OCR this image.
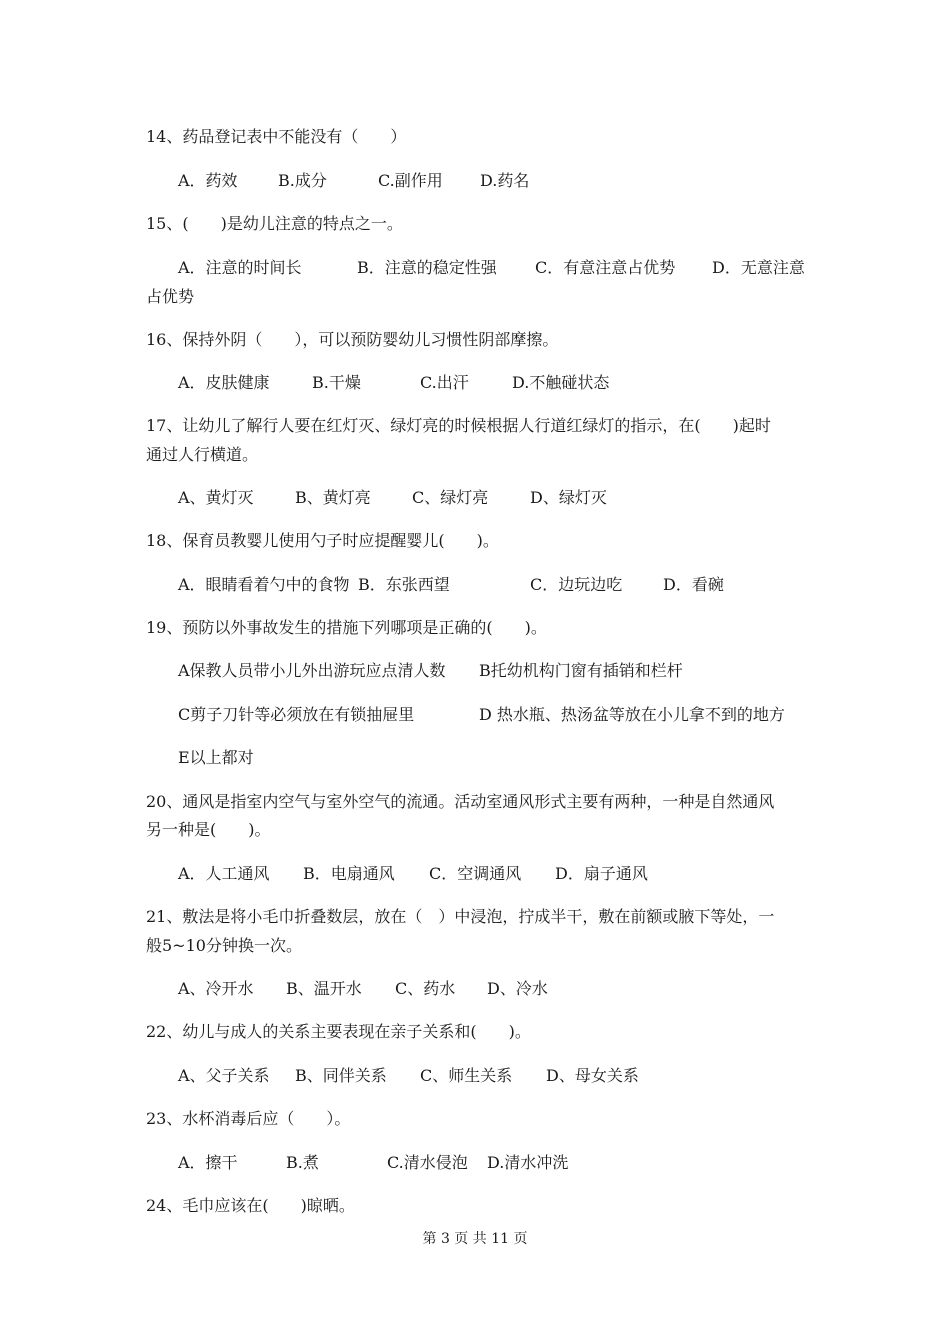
14、药品登记表中不能没有（　　）
A．药效	B.成分	C.副作用 D.药名
15、(　　)是幼儿注意的特点之一。
A．注意的时间长	B．注意的稳定性强 C．有意注意占优势 D．无意注意
占优势
16、保持外阴（　　），可以预防婴幼儿习惯性阴部摩擦。
A．皮肤健康	B.干燥	C.出汗	D.不触碰状态
17、让幼儿了解行人要在红灯灭、绿灯亮的时候根据人行道红绿灯的指示，在(　　)起时
通过人行横道。
A、黄灯灭	B、黄灯亮	C、绿灯亮	D、绿灯灭
18、保育员教婴儿使用勺子时应提醒婴儿(　　)。
A．眼睛看着勺中的食物 B．东张西望	C．边玩边吃	D．看碗
19、预防以外事故发生的措施下列哪项是正确的(　　)。
A保教人员带小儿外出游玩应点清人数 B托幼机构门窗有插销和栏杆
C剪子刀针等必须放在有锁抽屉里	D 热水瓶、热汤盆等放在小儿拿不到的地方
E以上都对
20、通风是指室内空气与室外空气的流通。活动室通风形式主要有两种，一种是自然通风
另一种是(　　)。
A．人工通风 B．电扇通风 C．空调通风 D．扇子通风
21、敷法是将小毛巾折叠数层，放在（　）中浸泡，拧成半干，敷在前额或腋下等处，一
般5~10分钟换一次。
A、冷开水 B、温开水 C、药水 D、冷水
22、幼儿与成人的关系主要表现在亲子关系和(　　)。
A、父子关系 B、同伴关系 C、师生关系 D、母女关系
23、水杯消毒后应（　　）。
A．擦干	B.煮	C.清水侵泡 D.清水冲洗
24、毛巾应该在(　　)晾晒。
第 3 页 共 11 页
